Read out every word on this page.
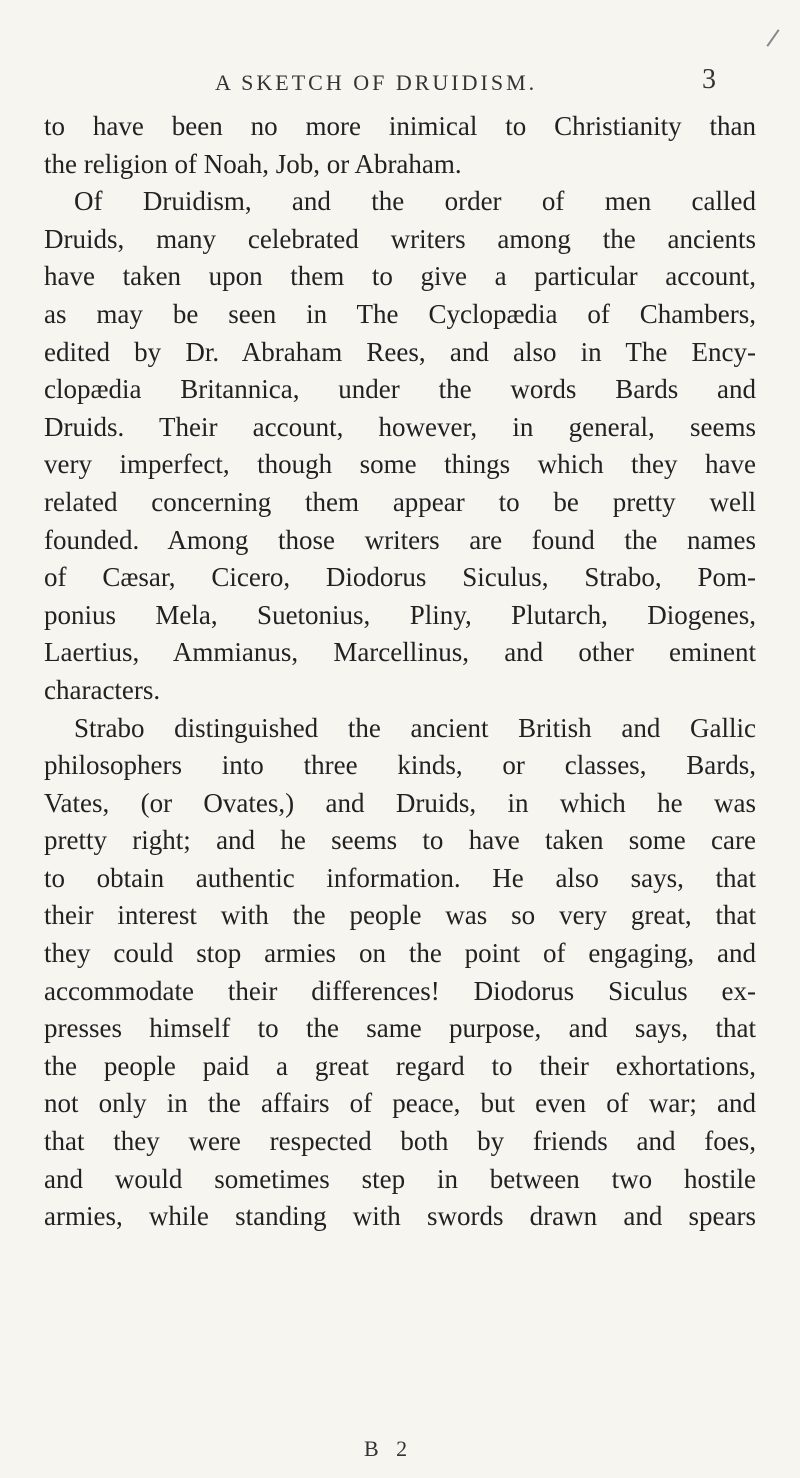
A SKETCH OF DRUIDISM.	3
to have been no more inimical to Christianity than
the religion of Noah, Job, or Abraham.
Of Druidism, and the order of men called
Druids, many celebrated writers among the ancients
have taken upon them to give a particular account,
as may be seen in The Cyclopædia of Chambers,
edited by Dr. Abraham Rees, and also in The Ency-
clopædia Britannica, under the words Bards and
Druids. Their account, however, in general, seems
very imperfect, though some things which they have
related concerning them appear to be pretty well
founded. Among those writers are found the names
of Cæsar, Cicero, Diodorus Siculus, Strabo, Pom-
ponius Mela, Suetonius, Pliny, Plutarch, Diogenes,
Laertius, Ammianus, Marcellinus, and other eminent
characters.
Strabo distinguished the ancient British and Gallic
philosophers into three kinds, or classes, Bards,
Vates, (or Ovates,) and Druids, in which he was
pretty right; and he seems to have taken some care
to obtain authentic information. He also says, that
their interest with the people was so very great, that
they could stop armies on the point of engaging, and
accommodate their differences! Diodorus Siculus ex-
presses himself to the same purpose, and says, that
the people paid a great regard to their exhortations,
not only in the affairs of peace, but even of war; and
that they were respected both by friends and foes,
and would sometimes step in between two hostile
armies, while standing with swords drawn and spears
B 2
